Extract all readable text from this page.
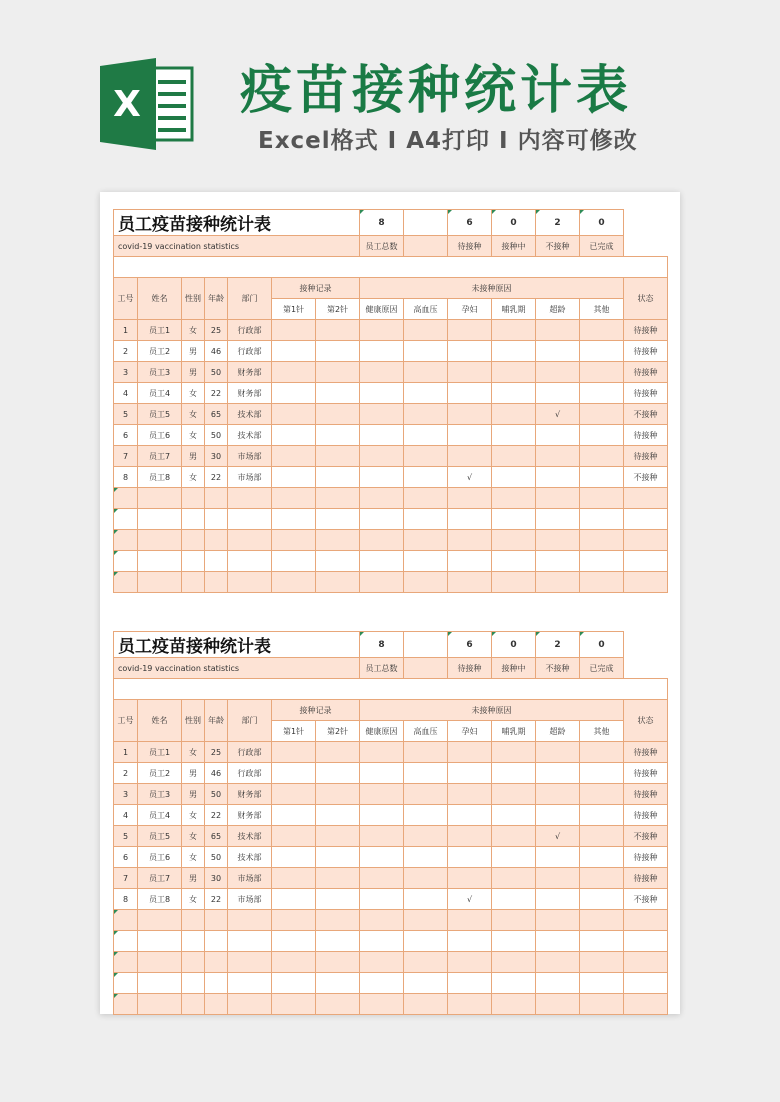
X 疫苗接种统计表
Excel格式 I A4打印 I 内容可修改
员工疫苗接种统计表							8		6	0	2	0	
covid-19 vaccination statistics							员工总数		待接种	接种中	不接种	已完成	

工号	姓名	性别	年龄	部门	接种记录		未接种原因						状态
					第1针	第2针	健康原因	高血压	孕妇	哺乳期	超龄	其他	
1	员工1	女	25	行政部									待接种
2	员工2	男	46	行政部									待接种
3	员工3	男	50	财务部									待接种
4	员工4	女	22	财务部									待接种
5	员工5	女	65	技术部							√		不接种
6	员工6	女	50	技术部									待接种
7	员工7	男	30	市场部									待接种
8	员工8	女	22	市场部					√				不接种

员工疫苗接种统计表							8		6	0	2	0	
covid-19 vaccination statistics							员工总数		待接种	接种中	不接种	已完成	

工号	姓名	性别	年龄	部门	接种记录		未接种原因						状态
					第1针	第2针	健康原因	高血压	孕妇	哺乳期	超龄	其他	
1	员工1	女	25	行政部									待接种
2	员工2	男	46	行政部									待接种
3	员工3	男	50	财务部									待接种
4	员工4	女	22	财务部									待接种
5	员工5	女	65	技术部							√		不接种
6	员工6	女	50	技术部									待接种
7	员工7	男	30	市场部									待接种
8	员工8	女	22	市场部					√				不接种
